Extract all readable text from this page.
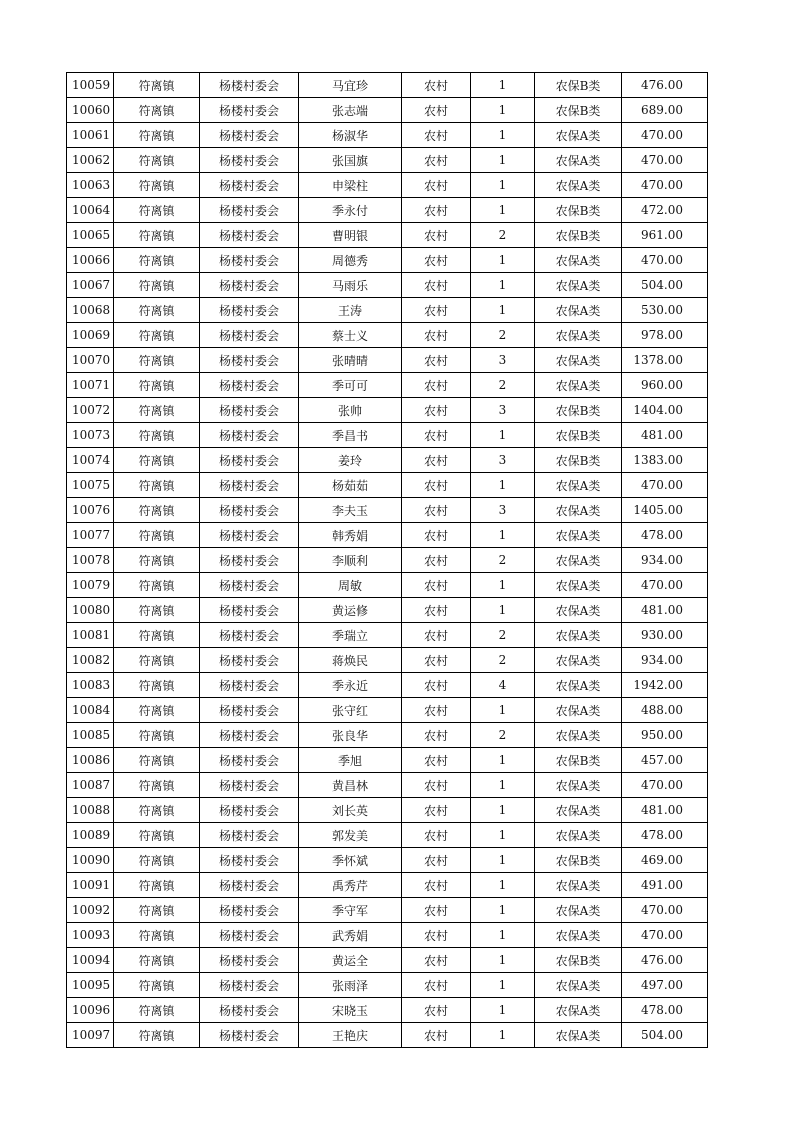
10059	符离镇	杨楼村委会	马宜珍	农村	1	农保B类	476.00
10060	符离镇	杨楼村委会	张志端	农村	1	农保B类	689.00
10061	符离镇	杨楼村委会	杨淑华	农村	1	农保A类	470.00
10062	符离镇	杨楼村委会	张国旗	农村	1	农保A类	470.00
10063	符离镇	杨楼村委会	申梁柱	农村	1	农保A类	470.00
10064	符离镇	杨楼村委会	季永付	农村	1	农保B类	472.00
10065	符离镇	杨楼村委会	曹明银	农村	2	农保B类	961.00
10066	符离镇	杨楼村委会	周德秀	农村	1	农保A类	470.00
10067	符离镇	杨楼村委会	马雨乐	农村	1	农保A类	504.00
10068	符离镇	杨楼村委会	王涛	农村	1	农保A类	530.00
10069	符离镇	杨楼村委会	蔡士义	农村	2	农保A类	978.00
10070	符离镇	杨楼村委会	张晴晴	农村	3	农保A类	1378.00
10071	符离镇	杨楼村委会	季可可	农村	2	农保A类	960.00
10072	符离镇	杨楼村委会	张帅	农村	3	农保B类	1404.00
10073	符离镇	杨楼村委会	季昌书	农村	1	农保B类	481.00
10074	符离镇	杨楼村委会	姜玲	农村	3	农保B类	1383.00
10075	符离镇	杨楼村委会	杨茹茹	农村	1	农保A类	470.00
10076	符离镇	杨楼村委会	李夫玉	农村	3	农保A类	1405.00
10077	符离镇	杨楼村委会	韩秀娟	农村	1	农保A类	478.00
10078	符离镇	杨楼村委会	李顺利	农村	2	农保A类	934.00
10079	符离镇	杨楼村委会	周敏	农村	1	农保A类	470.00
10080	符离镇	杨楼村委会	黄运修	农村	1	农保A类	481.00
10081	符离镇	杨楼村委会	季瑞立	农村	2	农保A类	930.00
10082	符离镇	杨楼村委会	蒋焕民	农村	2	农保A类	934.00
10083	符离镇	杨楼村委会	季永近	农村	4	农保A类	1942.00
10084	符离镇	杨楼村委会	张守红	农村	1	农保A类	488.00
10085	符离镇	杨楼村委会	张良华	农村	2	农保A类	950.00
10086	符离镇	杨楼村委会	季旭	农村	1	农保B类	457.00
10087	符离镇	杨楼村委会	黄昌林	农村	1	农保A类	470.00
10088	符离镇	杨楼村委会	刘长英	农村	1	农保A类	481.00
10089	符离镇	杨楼村委会	郭发美	农村	1	农保A类	478.00
10090	符离镇	杨楼村委会	季怀斌	农村	1	农保B类	469.00
10091	符离镇	杨楼村委会	禹秀芹	农村	1	农保A类	491.00
10092	符离镇	杨楼村委会	季守军	农村	1	农保A类	470.00
10093	符离镇	杨楼村委会	武秀娟	农村	1	农保A类	470.00
10094	符离镇	杨楼村委会	黄运全	农村	1	农保B类	476.00
10095	符离镇	杨楼村委会	张雨泽	农村	1	农保A类	497.00
10096	符离镇	杨楼村委会	宋晓玉	农村	1	农保A类	478.00
10097	符离镇	杨楼村委会	王艳庆	农村	1	农保A类	504.00
